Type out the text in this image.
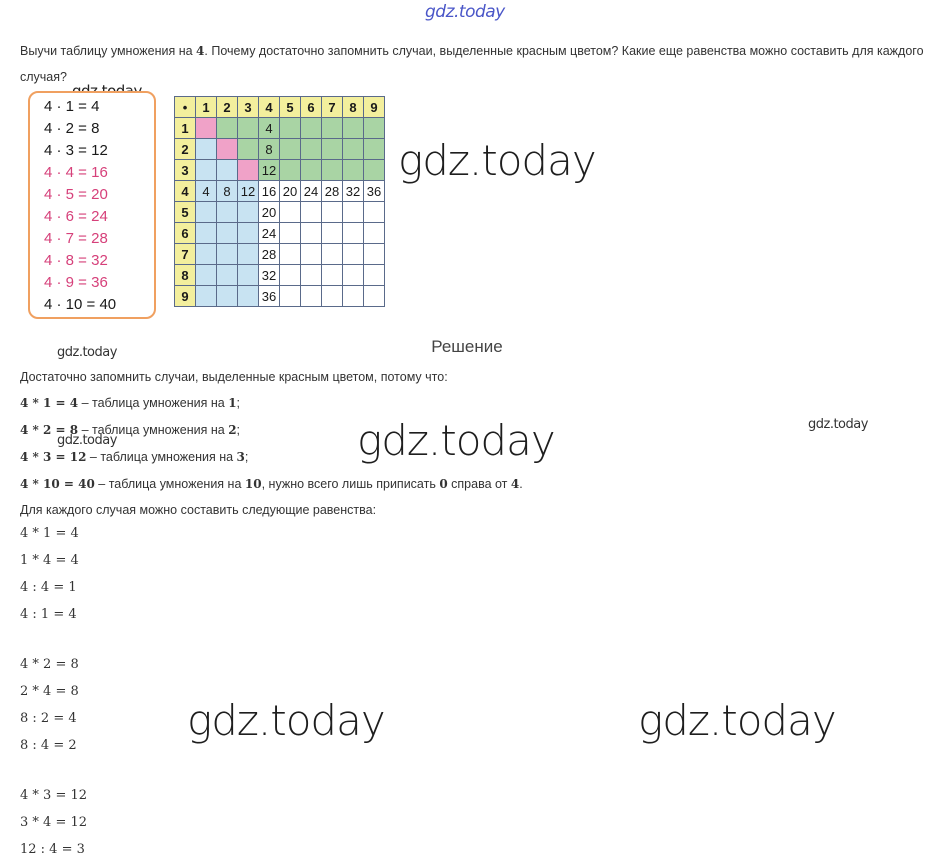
gdz.today
gdz.today
gdz.today
gdz.today	gdz.today	gdz.today
gdz.today	gdz.today
Выучи таблицу умножения на 4. Почему достаточно запомнить случаи, выделенные красным цветом? Какие еще равенства можно составить для каждого случая?
4 · 1 = 4
4 · 2 = 8
4 · 3 = 12
4 · 4 = 16
4 · 5 = 20
4 · 6 = 24
4 · 7 = 28
4 · 8 = 32
4 · 9 = 36
4 · 10 = 40
•	1	2	3	4	5	6	7	8	9
1				4					
2				8					
3				12					
4	4	8	12	16	20	24	28	32	36
5				20					
6				24					
7				28					
8				32					
9				36					
Решение
Достаточно запомнить случаи, выделенные красным цветом, потому что:
4 * 1 = 4 – таблица умножения на 1;
4 * 2 = 8 – таблица умножения на 2;
4 * 3 = 12 – таблица умножения на 3;
4 * 10 = 40 – таблица умножения на 10, нужно всего лишь приписать 0 справа от 4.
Для каждого случая можно составить следующие равенства:
4 * 1 = 4
1 * 4 = 4
4 : 4 = 1
4 : 1 = 4
4 * 2 = 8
2 * 4 = 8
8 : 2 = 4
8 : 4 = 2
4 * 3 = 12
3 * 4 = 12
12 : 4 = 3
